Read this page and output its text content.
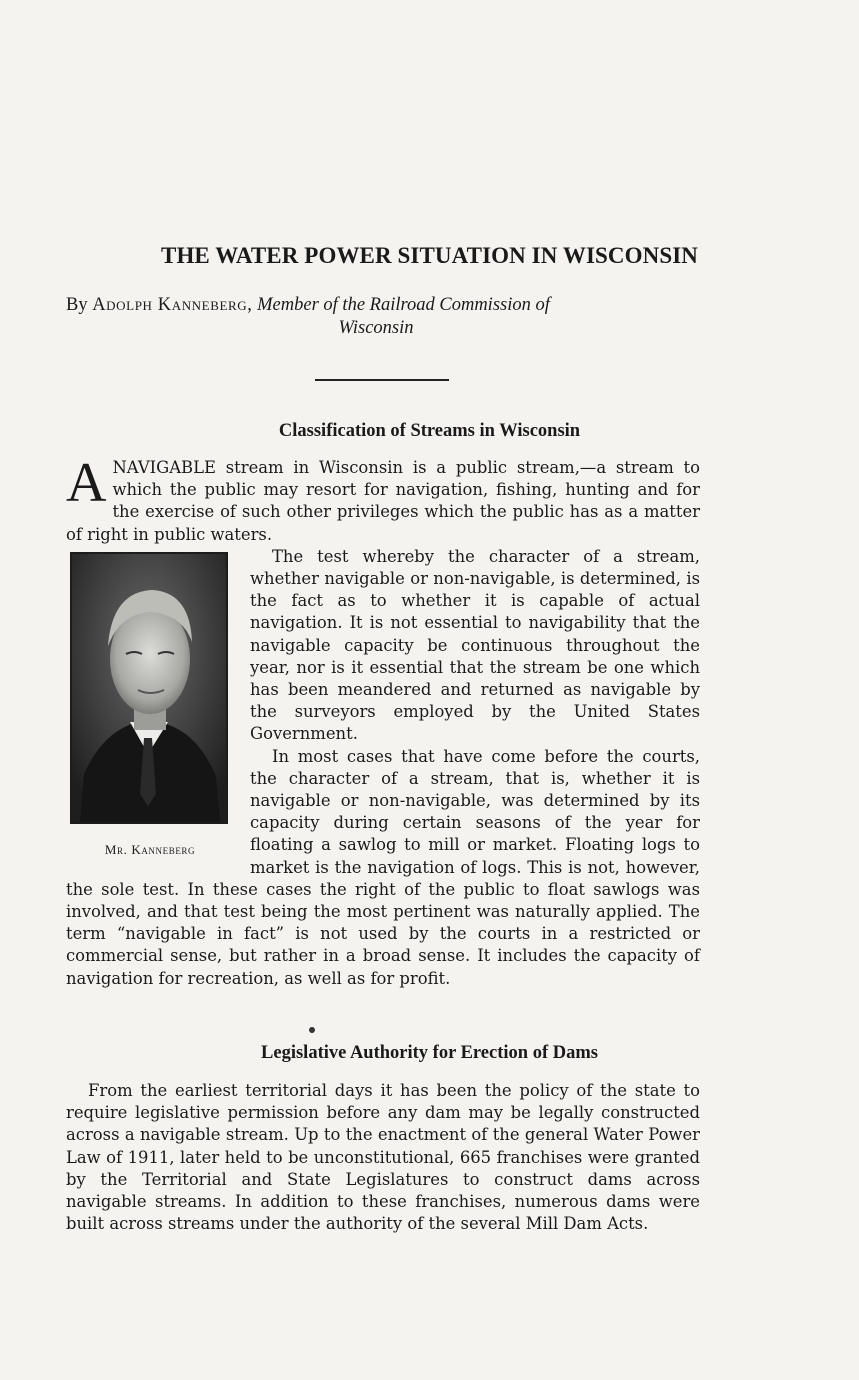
THE WATER POWER SITUATION IN WISCONSIN
By Adolph Kanneberg, Member of the Railroad Commission of
Wisconsin
Classification of Streams in Wisconsin

ANAVIGABLE stream in Wisconsin is a public stream,—a stream to which the public may resort for navigation, fishing, hunting and for the exercise of such other privileges which the public has as a matter of right in public waters.

Mr. Kanneberg

The test whereby the character of a stream, whether navigable or non-navigable, is determined, is the fact as to whether it is capable of actual navigation. It is not essential to navigability that the navigable capacity be continuous throughout the year, nor is it essential that the stream be one which has been meandered and returned as navigable by the surveyors employed by the United States Government.

In most cases that have come before the courts, the character of a stream, that is, whether it is navigable or non-navigable, was determined by its capacity during certain seasons of the year for floating a sawlog to mill or market. Floating logs to market is the navigation of logs. This is not, however, the sole test. In these cases the right of the public to float sawlogs was involved, and that test being the most pertinent was naturally applied. The term “navigable in fact” is not used by the courts in a restricted or commercial sense, but rather in a broad sense. It includes the capacity of navigation for recreation, as well as for profit.

Legislative Authority for Erection of Dams

From the earliest territorial days it has been the policy of the state to require legislative permission before any dam may be legally constructed across a navigable stream. Up to the enactment of the general Water Power Law of 1911, later held to be unconstitutional, 665 franchises were granted by the Territorial and State Legislatures to construct dams across navigable streams. In addition to these franchises, numerous dams were built across streams under the authority of the several Mill Dam Acts.
